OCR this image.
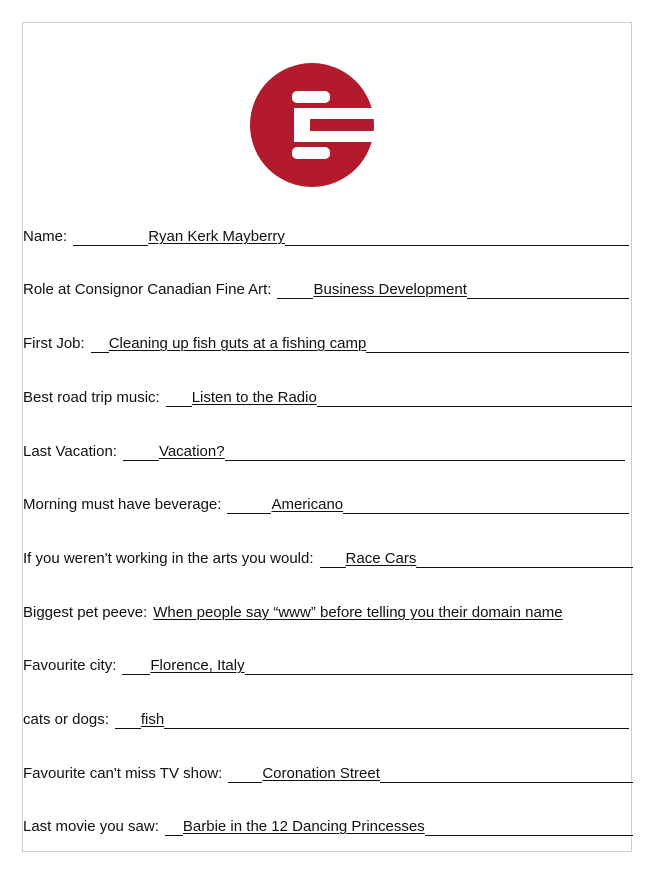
Name:	Ryan Kerk Mayberry
Role at Consignor Canadian Fine Art:	Business Development
First Job: Cleaning up fish guts at a fishing camp
Best road trip music: Listen to the Radio
Last Vacation:	Vacation?
Morning must have beverage:	Americano
If you weren't working in the arts you would: Race Cars
Biggest pet peeve: When people say “www” before telling you their domain name
Favourite city: Florence, Italy
cats or dogs: fish
Favourite can't miss TV show:	Coronation Street
Last movie you saw: Barbie in the 12 Dancing Princesses
